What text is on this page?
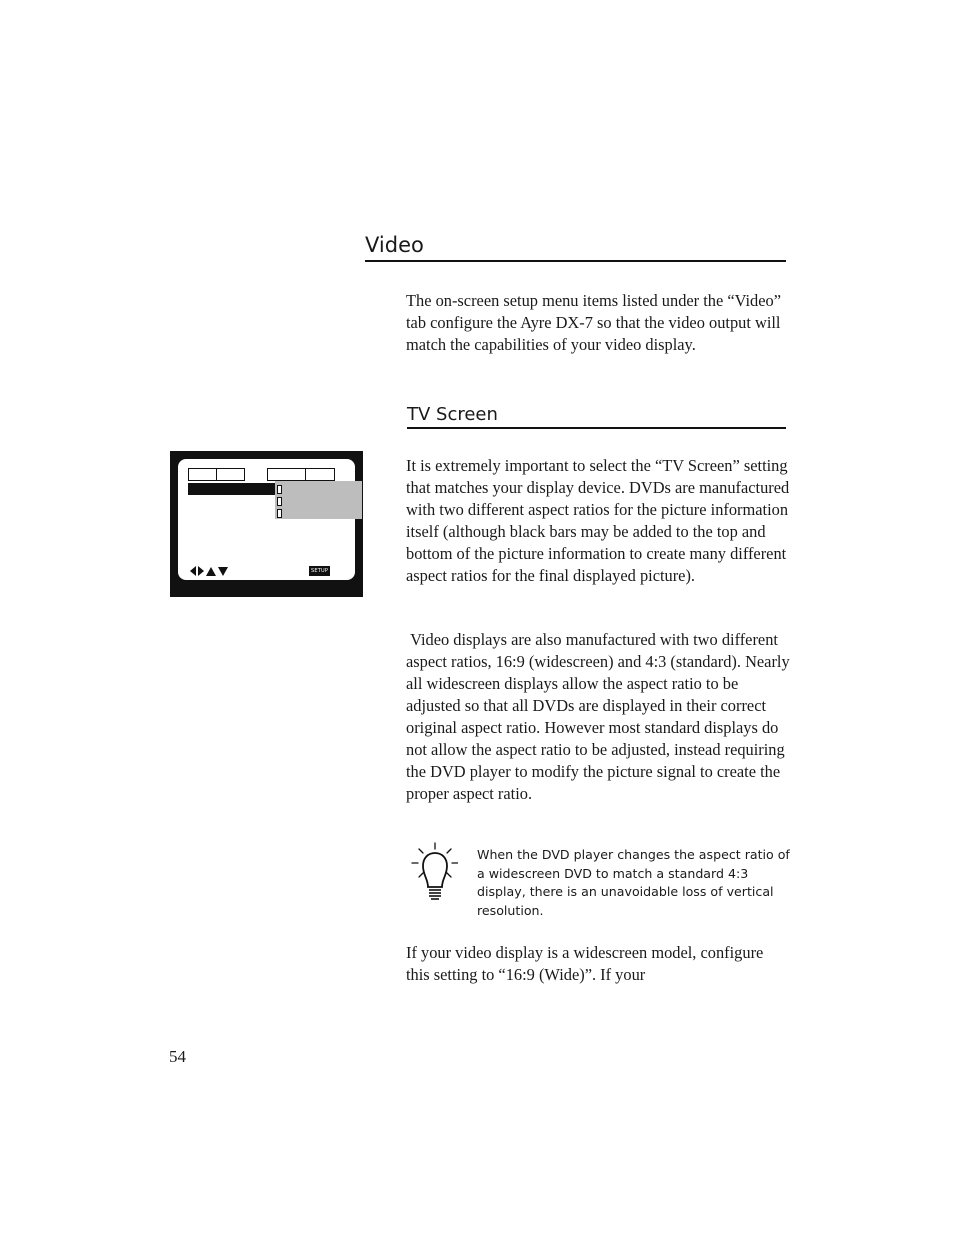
Video

The on-screen setup menu items listed under the “Video” tab configure the Ayre DX-7 so that the video output will match the capabilities of your video display.

TV Screen

It is extremely important to select the “TV Screen” setting that matches your display device. DVDs are manufactured with two different aspect ratios for the picture information itself (although black bars may be added to the top and bottom of the picture information to create many different aspect ratios for the final displayed picture).

Video displays are also manufactured with two different aspect ratios, 16:9 (widescreen) and 4:3 (standard). Nearly all widescreen displays allow the aspect ratio to be adjusted so that all DVDs are displayed in their correct original aspect ratio. However most standard displays do not allow the aspect ratio to be adjusted, instead requiring the DVD player to modify the picture signal to create the proper aspect ratio.

When the DVD player changes the aspect ratio of a widescreen DVD to match a standard 4:3 display, there is an unavoidable loss of vertical resolution.

If your video display is a widescreen model, configure this setting to “16:9 (Wide)”. If your

SETUP

54
